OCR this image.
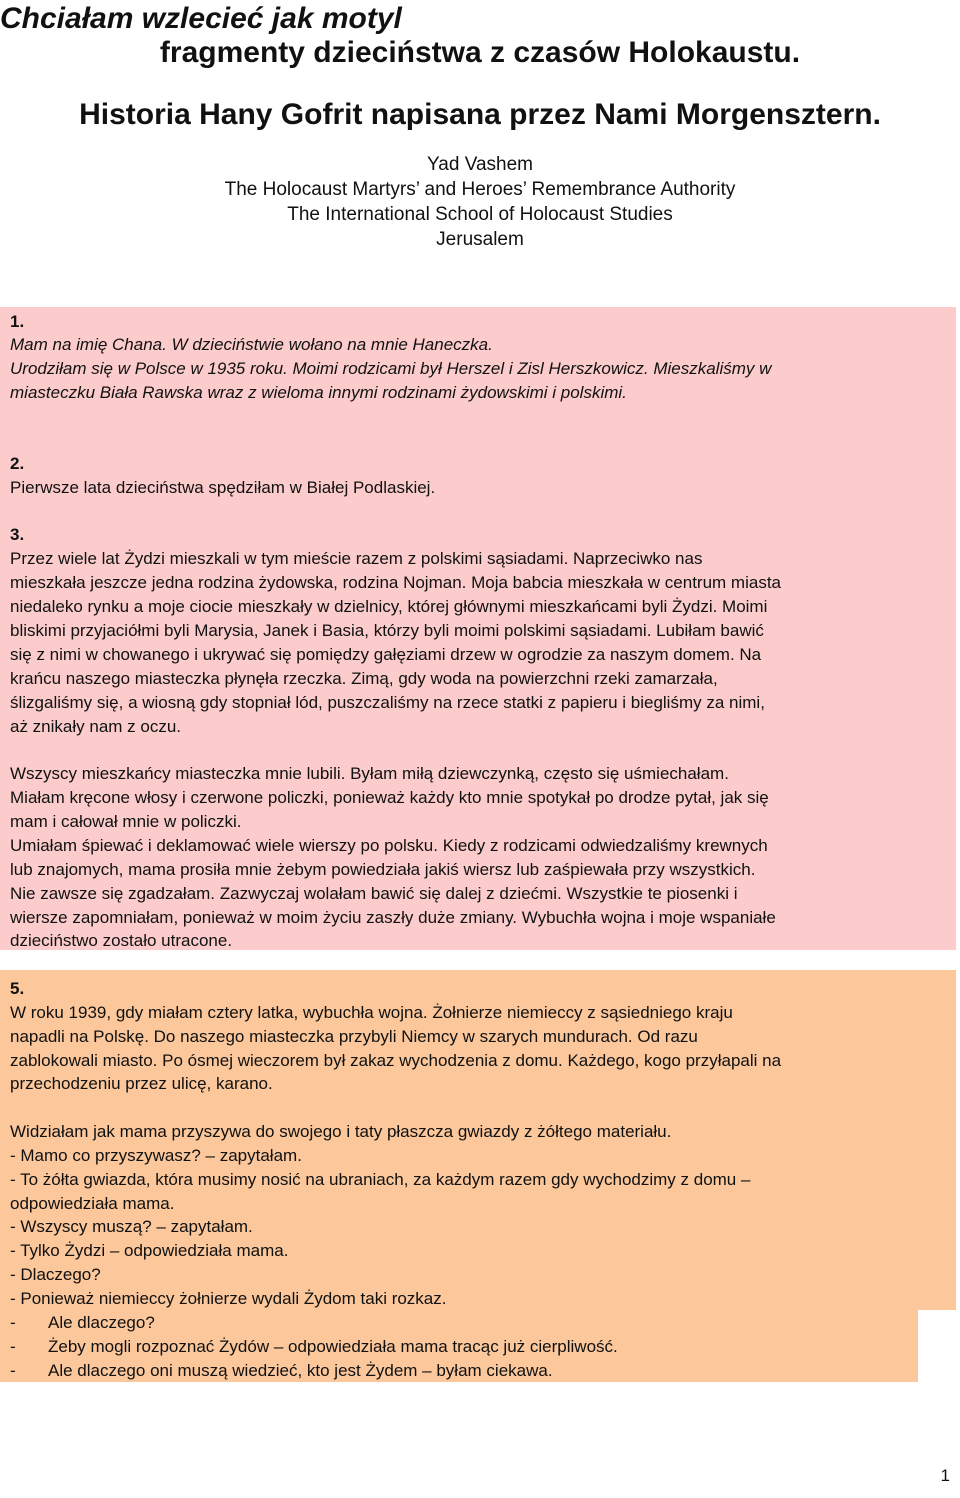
Chciałam wzlecieć jak motyl
fragmenty dzieciństwa z czasów Holokaustu.
Historia Hany Gofrit napisana przez Nami Morgensztern.
Yad Vashem
The Holocaust Martyrs’ and Heroes’ Remembrance Authority
The International School of Holocaust Studies
Jerusalem
1.
Mam na imię Chana. W dzieciństwie wołano na mnie Haneczka.
Urodziłam się w Polsce w 1935 roku. Moimi rodzicami był Herszel i Zisl Herszkowicz. Mieszkaliśmy w
miasteczku Biała Rawska wraz z wieloma innymi rodzinami żydowskimi i polskimi.
2.
Pierwsze lata dzieciństwa spędziłam w Białej Podlaskiej.
3.
Przez wiele lat Żydzi mieszkali w tym mieście razem z polskimi sąsiadami. Naprzeciwko nas
mieszkała jeszcze jedna rodzina żydowska, rodzina Nojman. Moja babcia mieszkała w centrum miasta
niedaleko rynku a moje ciocie mieszkały w dzielnicy, której głównymi mieszkańcami byli Żydzi. Moimi
bliskimi przyjaciółmi byli Marysia, Janek i Basia, którzy byli moimi polskimi sąsiadami. Lubiłam bawić
się z nimi w chowanego i ukrywać się pomiędzy gałęziami drzew w ogrodzie za naszym domem. Na
krańcu naszego miasteczka płynęła rzeczka. Zimą, gdy woda na powierzchni rzeki zamarzała,
ślizgaliśmy się, a wiosną gdy stopniał lód, puszczaliśmy na rzece statki z papieru i biegliśmy za nimi,
aż znikały nam z oczu.
Wszyscy mieszkańcy miasteczka mnie lubili. Byłam miłą dziewczynką, często się uśmiechałam.
Miałam kręcone włosy i czerwone policzki, ponieważ każdy kto mnie spotykał po drodze pytał, jak się
mam i całował mnie w policzki.
Umiałam śpiewać i deklamować wiele wierszy po polsku. Kiedy z rodzicami odwiedzaliśmy krewnych
lub znajomych, mama prosiła mnie żebym powiedziała jakiś wiersz lub zaśpiewała przy wszystkich.
Nie zawsze się zgadzałam. Zazwyczaj wolałam bawić się dalej z dziećmi. Wszystkie te piosenki i
wiersze zapomniałam, ponieważ w moim życiu zaszły duże zmiany. Wybuchła wojna i moje wspaniałe
dzieciństwo zostało utracone.
5.
W roku 1939, gdy miałam cztery latka, wybuchła wojna. Żołnierze niemieccy z sąsiedniego kraju
napadli na Polskę. Do naszego miasteczka przybyli Niemcy w szarych mundurach. Od razu
zablokowali miasto. Po ósmej wieczorem był zakaz wychodzenia z domu. Każdego, kogo przyłapali na
przechodzeniu przez ulicę, karano.
Widziałam jak mama przyszywa do swojego i taty płaszcza gwiazdy z żółtego materiału.
- Mamo co przyszywasz? – zapytałam.
- To żółta gwiazda, która musimy nosić na ubraniach, za każdym razem gdy wychodzimy z domu –
odpowiedziała mama.
- Wszyscy muszą? – zapytałam.
- Tylko Żydzi – odpowiedziała mama.
- Dlaczego?
- Ponieważ niemieccy żołnierze wydali Żydom taki rozkaz.
- Ale dlaczego?
- Żeby mogli rozpoznać Żydów – odpowiedziała mama tracąc już cierpliwość.
- Ale dlaczego oni muszą wiedzieć, kto jest Żydem – byłam ciekawa.
1
